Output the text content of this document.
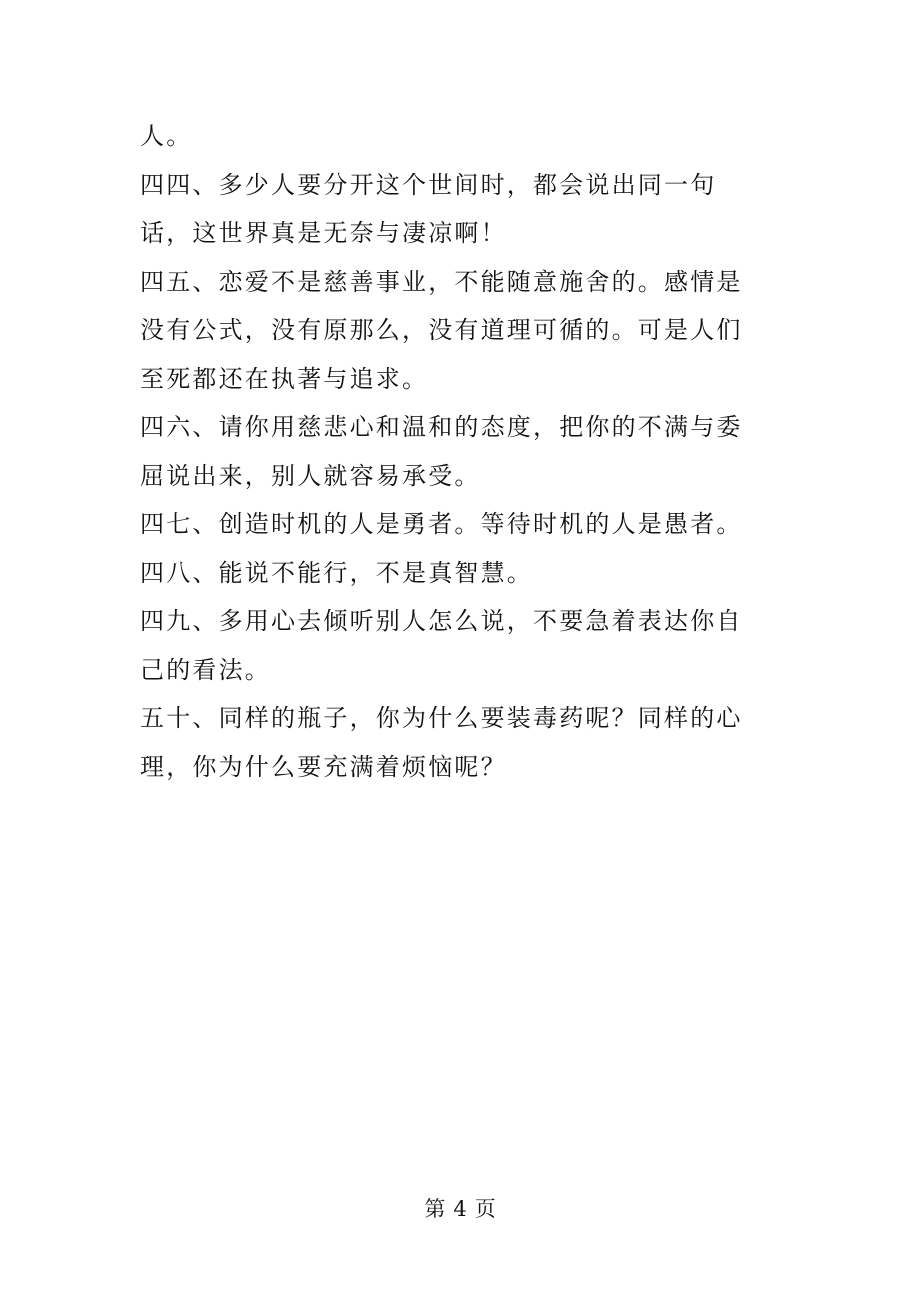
人。

四四、多少人要分开这个世间时，都会说出同一句话，这世界真是无奈与凄凉啊！

四五、恋爱不是慈善事业，不能随意施舍的。感情是没有公式，没有原那么，没有道理可循的。可是人们至死都还在执著与追求。

四六、请你用慈悲心和温和的态度，把你的不满与委屈说出来，别人就容易承受。

四七、创造时机的人是勇者。等待时机的人是愚者。

四八、能说不能行，不是真智慧。

四九、多用心去倾听别人怎么说，不要急着表达你自己的看法。

五十、同样的瓶子，你为什么要装毒药呢？同样的心理，你为什么要充满着烦恼呢？

第 4 页
